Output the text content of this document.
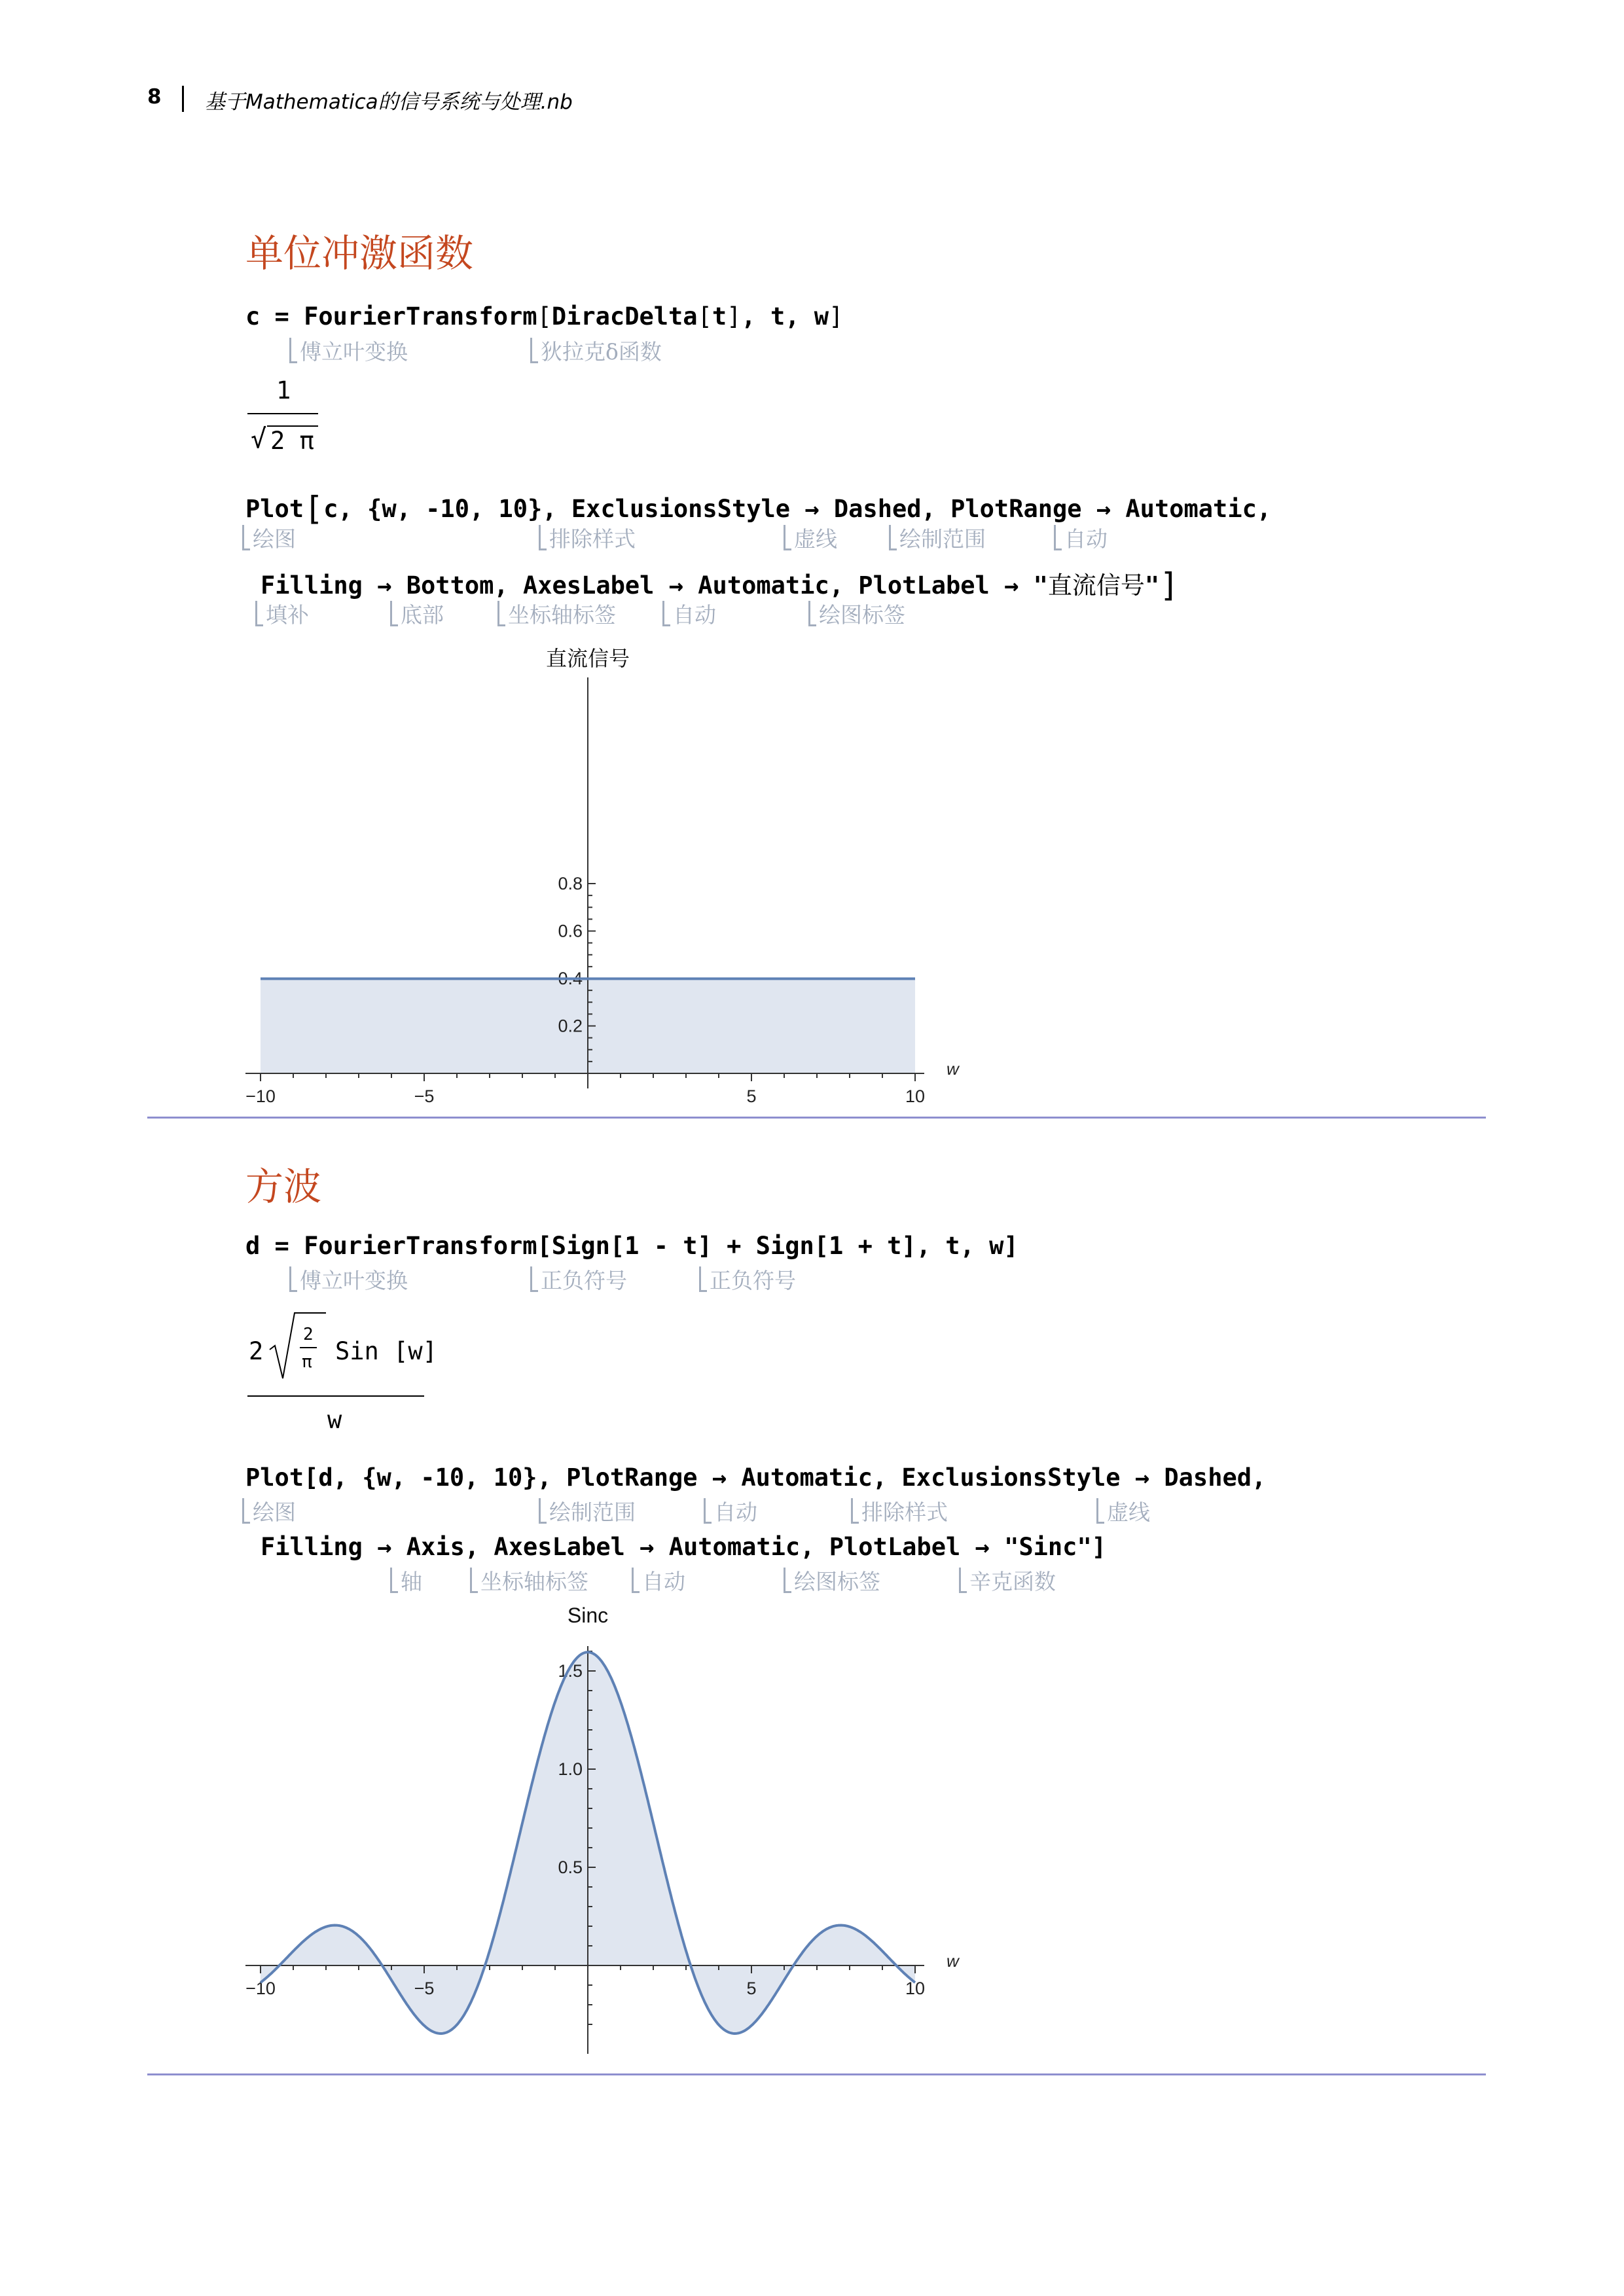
8 基于Mathematica的信号系统与处理.nb
单位冲激函数
c = FourierTransform[DiracDelta[t], t, w]
傅立叶变换	狄拉克δ函数
1
√ 2 π
Plot[c, {w, -10, 10}, ExclusionsStyle → Dashed, PlotRange → Automatic,
绘图	排除样式	虚线	绘制范围	自动
Filling → Bottom, AxesLabel → Automatic, PlotLabel → "直流信号"]
填补	底部	坐标轴标签	自动	绘图标签
−10	−5	5	10
0.2
0.4
0.6
0.8
直流信号
w
方波
d = FourierTransform[Sign[1 - t] + Sign[1 + t], t, w]
傅立叶变换	正负符号	正负符号
2
2
π Sin [w]
w
Plot[d, {w, -10, 10}, PlotRange → Automatic, ExclusionsStyle → Dashed,
绘图	绘制范围	自动	排除样式	虚线
Filling → Axis, AxesLabel → Automatic, PlotLabel → "Sinc"]
轴	坐标轴标签	自动	绘图标签	辛克函数
−10	−5	5	10
0.5
1.0
1.5
Sinc
w
